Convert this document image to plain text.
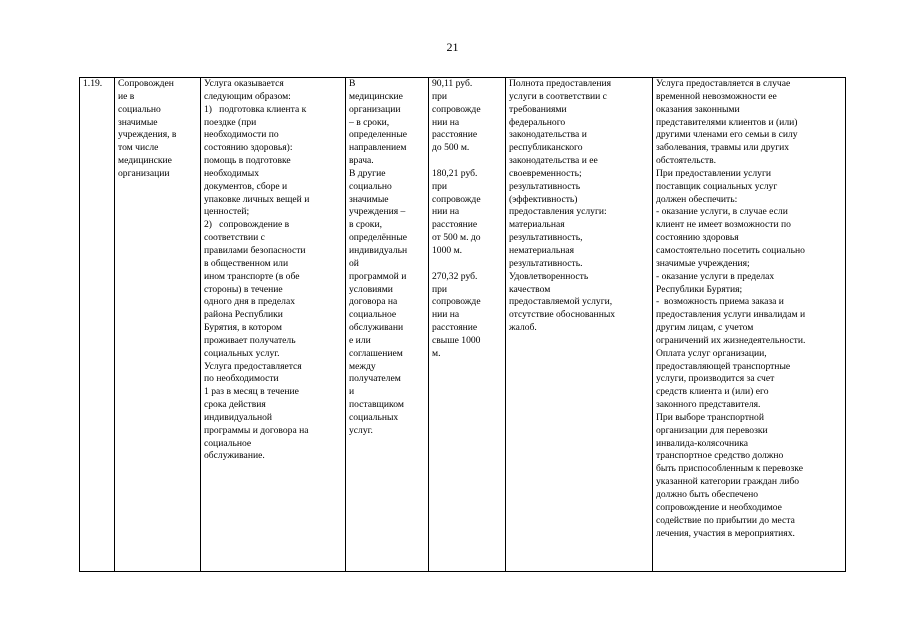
21
1.19.	Сопровожден
ие в
социально
значимые
учреждения, в
том числе
медицинские
организации	Услуга оказывается
следующим образом:
1)   подготовка клиента к
поездке (при
необходимости по
состоянию здоровья):
помощь в подготовке
необходимых
документов, сборе и
упаковке личных вещей и
ценностей;
2)   сопровождение в
соответствии с
правилами безопасности
в общественном или
ином транспорте (в обе
стороны) в течение
одного дня в пределах
района Республики
Бурятия, в котором
проживает получатель
социальных услуг.
Услуга предоставляется
по необходимости
1 раз в месяц в течение
срока действия
индивидуальной
программы и договора на
социальное
обслуживание.	В
медицинские
организации
– в сроки,
определенные
направлением
врача.
В другие
социально
значимые
учреждения –
в сроки,
определённые
индивидуальн
ой
программой и
условиями
договора на
социальное
обслуживани
е или
соглашением
между
получателем
и
поставщиком
социальных
услуг.	90,11 руб.
при
сопровожде
нии на
расстояние
до 500 м.

180,21 руб.
при
сопровожде
нии на
расстояние
от 500 м. до
1000 м.

270,32 руб.
при
сопровожде
нии на
расстояние
свыше 1000
м.	Полнота предоставления
услуги в соответствии с
требованиями
федерального
законодательства и
республиканского
законодательства и ее
своевременность;
результативность
(эффективность)
предоставления услуги:
материальная
результативность,
нематериальная
результативность.
Удовлетворенность
качеством
предоставляемой услуги,
отсутствие обоснованных
жалоб.	Услуга предоставляется в случае
временной невозможности ее
оказания законными
представителями клиентов и (или)
другими членами его семьи в силу
заболевания, травмы или других
обстоятельств.
При предоставлении услуги
поставщик социальных услуг
должен обеспечить:
- оказание услуги, в случае если
клиент не имеет возможности по
состоянию здоровья
самостоятельно посетить социально
значимые учреждения;
- оказание услуги в пределах
Республики Бурятия;
-  возможность приема заказа и
предоставления услуги инвалидам и
другим лицам, с учетом
ограничений их жизнедеятельности.
Оплата услуг организации,
предоставляющей транспортные
услуги, производится за счет
средств клиента и (или) его
законного представителя.
При выборе транспортной
организации для перевозки
инвалида-колясочника
транспортное средство должно
быть приспособленным к перевозке
указанной категории граждан либо
должно быть обеспечено
сопровождение и необходимое
содействие по прибытии до места
лечения, участия в мероприятиях.
